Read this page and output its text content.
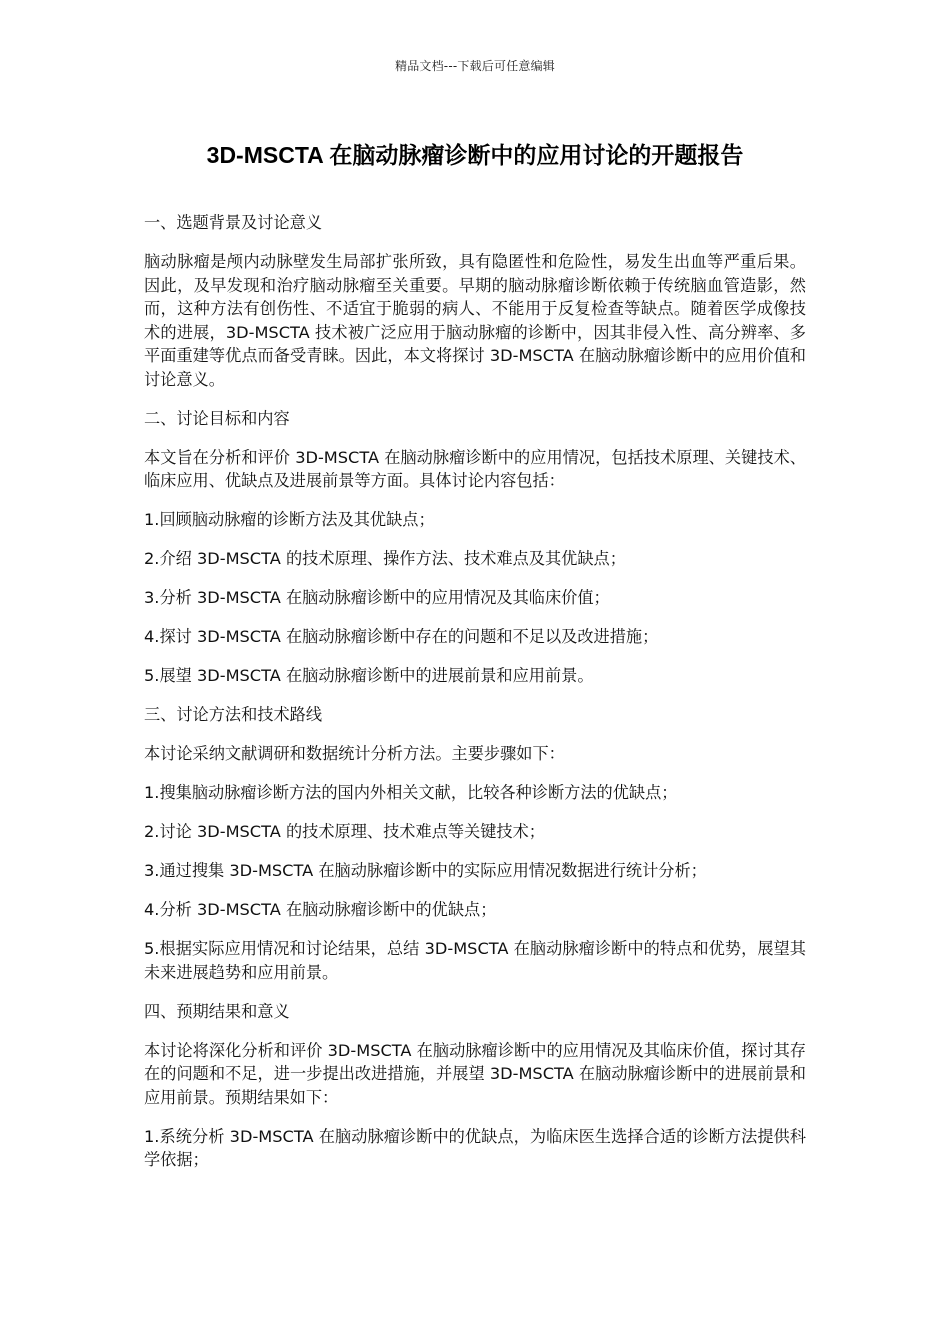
精品文档---下载后可任意编辑
3D-MSCTA 在脑动脉瘤诊断中的应用讨论的开题报告

一、选题背景及讨论意义

脑动脉瘤是颅内动脉壁发生局部扩张所致，具有隐匿性和危险性，易发生出血等严重后果。因此，及早发现和治疗脑动脉瘤至关重要。早期的脑动脉瘤诊断依赖于传统脑血管造影，然而，这种方法有创伤性、不适宜于脆弱的病人、不能用于反复检查等缺点。随着医学成像技术的进展，3D-MSCTA 技术被广泛应用于脑动脉瘤的诊断中，因其非侵入性、高分辨率、多平面重建等优点而备受青睐。因此，本文将探讨 3D-MSCTA 在脑动脉瘤诊断中的应用价值和讨论意义。

二、讨论目标和内容

本文旨在分析和评价 3D-MSCTA 在脑动脉瘤诊断中的应用情况，包括技术原理、关键技术、临床应用、优缺点及进展前景等方面。具体讨论内容包括：

1.回顾脑动脉瘤的诊断方法及其优缺点；

2.介绍 3D-MSCTA 的技术原理、操作方法、技术难点及其优缺点；

3.分析 3D-MSCTA 在脑动脉瘤诊断中的应用情况及其临床价值；

4.探讨 3D-MSCTA 在脑动脉瘤诊断中存在的问题和不足以及改进措施；

5.展望 3D-MSCTA 在脑动脉瘤诊断中的进展前景和应用前景。

三、讨论方法和技术路线

本讨论采纳文献调研和数据统计分析方法。主要步骤如下：

1.搜集脑动脉瘤诊断方法的国内外相关文献，比较各种诊断方法的优缺点；

2.讨论 3D-MSCTA 的技术原理、技术难点等关键技术；

3.通过搜集 3D-MSCTA 在脑动脉瘤诊断中的实际应用情况数据进行统计分析；

4.分析 3D-MSCTA 在脑动脉瘤诊断中的优缺点；

5.根据实际应用情况和讨论结果，总结 3D-MSCTA 在脑动脉瘤诊断中的特点和优势，展望其未来进展趋势和应用前景。

四、预期结果和意义

本讨论将深化分析和评价 3D-MSCTA 在脑动脉瘤诊断中的应用情况及其临床价值，探讨其存在的问题和不足，进一步提出改进措施，并展望 3D-MSCTA 在脑动脉瘤诊断中的进展前景和应用前景。预期结果如下：

1.系统分析 3D-MSCTA 在脑动脉瘤诊断中的优缺点，为临床医生选择合适的诊断方法提供科学依据；
